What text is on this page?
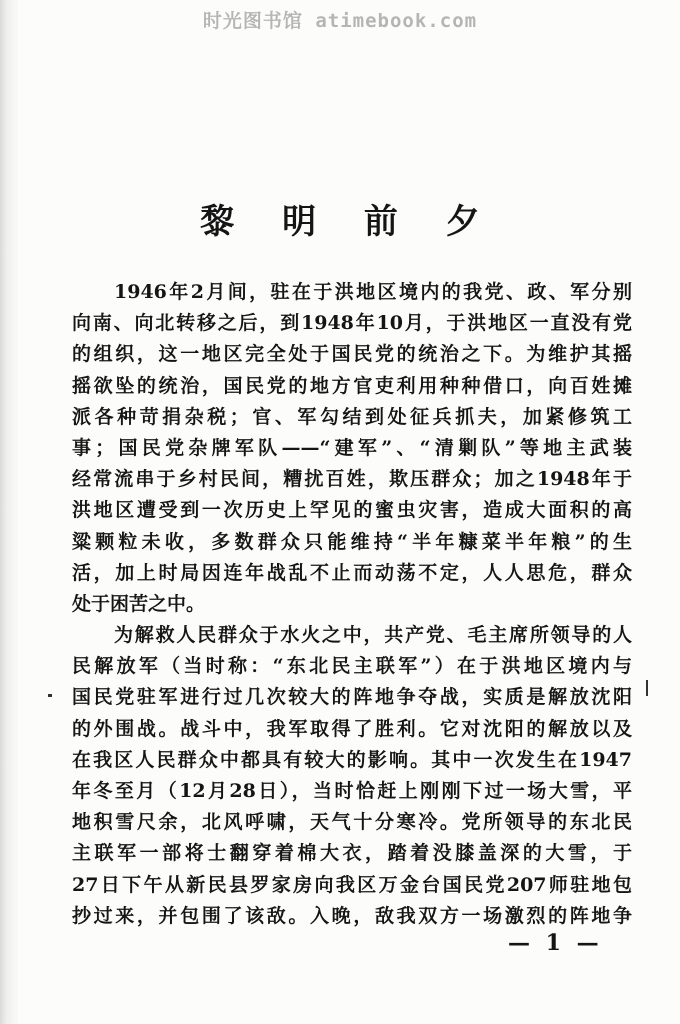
时光图书馆 atimebook.com
黎 明 前 夕
1946年2月间，驻在于洪地区境内的我党、政、军分别
向南、向北转移之后，到1948年10月，于洪地区一直没有党
的组织，这一地区完全处于国民党的统治之下。为维护其摇
摇欲坠的统治，国民党的地方官吏利用种种借口，向百姓摊
派各种苛捐杂税；官、军勾结到处征兵抓夫，加紧修筑工
事；国民党杂牌军队——“建军”、“清剿队”等地主武装
经常流串于乡村民间，糟扰百姓，欺压群众；加之1948年于
洪地区遭受到一次历史上罕见的蜜虫灾害，造成大面积的高
粱颗粒未收，多数群众只能维持“半年糠菜半年粮”的生
活，加上时局因连年战乱不止而动荡不定，人人思危，群众
处于困苦之中。
为解救人民群众于水火之中，共产党、毛主席所领导的人
民解放军（当时称：“东北民主联军”）在于洪地区境内与
国民党驻军进行过几次较大的阵地争夺战，实质是解放沈阳
的外围战。战斗中，我军取得了胜利。它对沈阳的解放以及
在我区人民群众中都具有较大的影响。其中一次发生在1947
年冬至月（12月28日），当时恰赶上刚刚下过一场大雪，平
地积雪尺余，北风呼啸，天气十分寒冷。党所领导的东北民
主联军一部将士翻穿着棉大衣，踏着没膝盖深的大雪，于
27日下午从新民县罗家房向我区万金台国民党207师驻地包
抄过来，并包围了该敌。入晚，敌我双方一场激烈的阵地争
— 1 —
